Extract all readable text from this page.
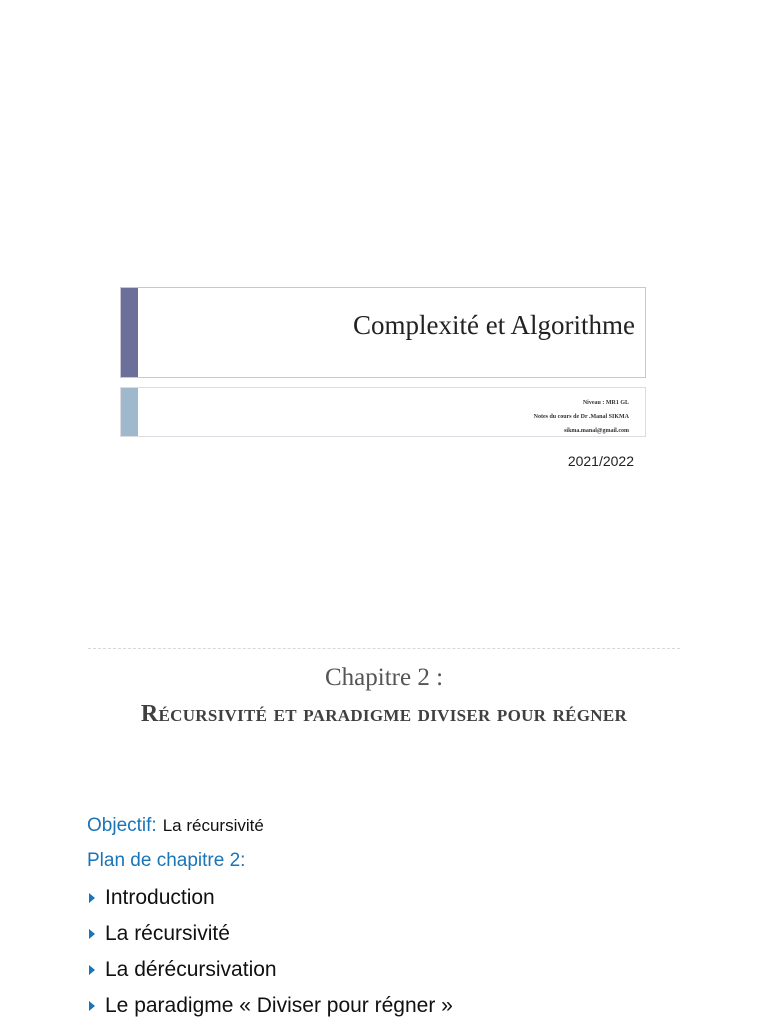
Complexité et Algorithme
Niveau : MR1 GL
Notes du cours de Dr .Manal SIKMA
sikma.manal@gmail.com
2021/2022
Chapitre 2 :
Récursivité et paradigme diviser pour régner
Objectif: La récursivité
Plan de chapitre 2:
Introduction
La récursivité
La dérécursivation
Le paradigme « Diviser pour régner »
